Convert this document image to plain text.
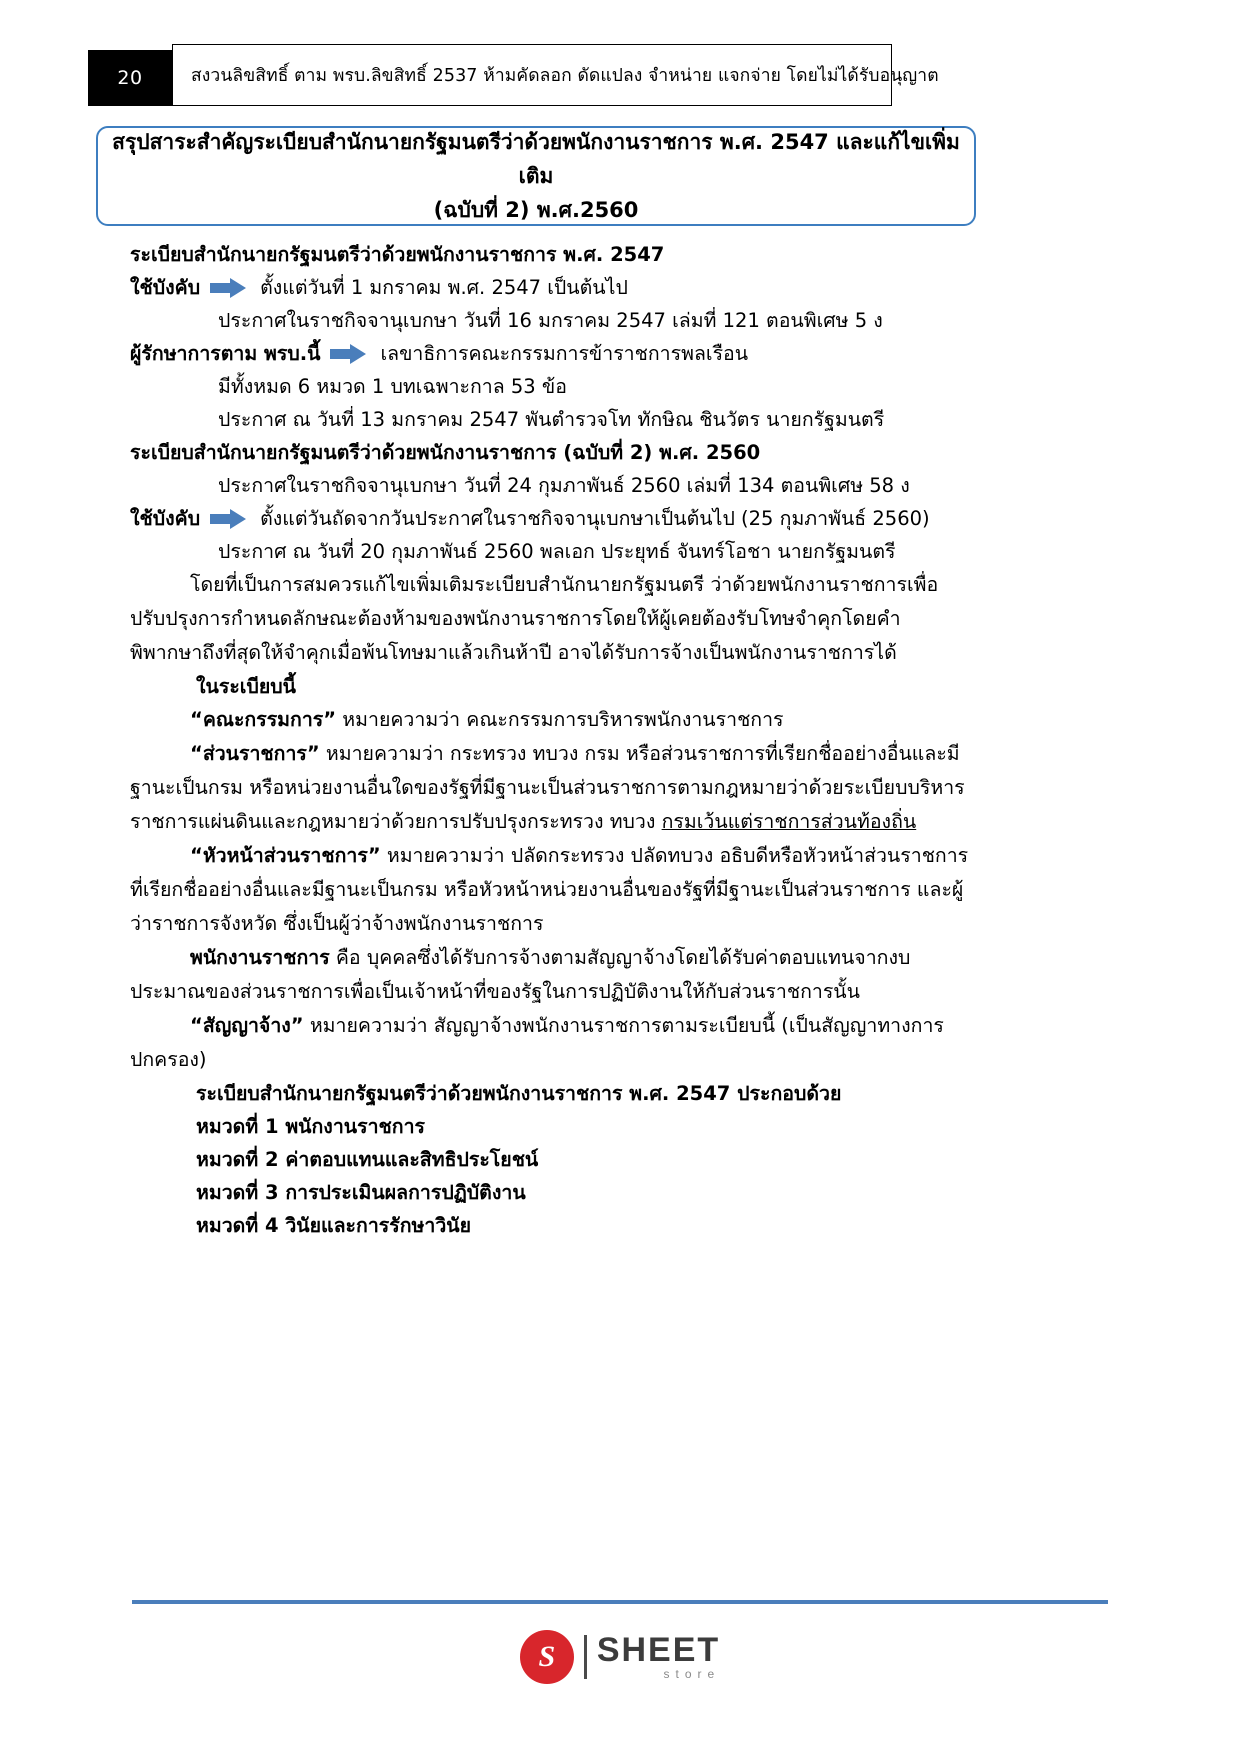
20	สงวนลิขสิทธิ์ ตาม พรบ.ลิขสิทธิ์ 2537 ห้ามคัดลอก ดัดแปลง จำหน่าย แจกจ่าย โดยไม่ได้รับอนุญาต
สรุปสาระสำคัญระเบียบสำนักนายกรัฐมนตรีว่าด้วยพนักงานราชการ พ.ศ. 2547 และแก้ไขเพิ่มเติม
(ฉบับที่ 2) พ.ศ.2560
ระเบียบสำนักนายกรัฐมนตรีว่าด้วยพนักงานราชการ พ.ศ. 2547
ใช้บังคับ	ตั้งแต่วันที่ 1 มกราคม พ.ศ. 2547 เป็นต้นไป
ประกาศในราชกิจจานุเบกษา วันที่ 16 มกราคม 2547 เล่มที่ 121 ตอนพิเศษ 5 ง
ผู้รักษาการตาม พรบ.นี้	เลขาธิการคณะกรรมการข้าราชการพลเรือน
มีทั้งหมด 6 หมวด 1 บทเฉพาะกาล 53 ข้อ
ประกาศ ณ วันที่ 13 มกราคม 2547 พันตำรวจโท ทักษิณ ชินวัตร นายกรัฐมนตรี
ระเบียบสำนักนายกรัฐมนตรีว่าด้วยพนักงานราชการ (ฉบับที่ 2) พ.ศ. 2560
ประกาศในราชกิจจานุเบกษา วันที่ 24 กุมภาพันธ์ 2560 เล่มที่ 134 ตอนพิเศษ 58 ง
ใช้บังคับ	ตั้งแต่วันถัดจากวันประกาศในราชกิจจานุเบกษาเป็นต้นไป (25 กุมภาพันธ์ 2560)
ประกาศ ณ วันที่ 20 กุมภาพันธ์ 2560 พลเอก ประยุทธ์ จันทร์โอชา นายกรัฐมนตรี
โดยที่เป็นการสมควรแก้ไขเพิ่มเติมระเบียบสำนักนายกรัฐมนตรี ว่าด้วยพนักงานราชการเพื่อปรับปรุงการกำหนดลักษณะต้องห้ามของพนักงานราชการโดยให้ผู้เคยต้องรับโทษจำคุกโดยคำพิพากษาถึงที่สุดให้จำคุกเมื่อพ้นโทษมาแล้วเกินห้าปี อาจได้รับการจ้างเป็นพนักงานราชการได้
ในระเบียบนี้
“คณะกรรมการ” หมายความว่า คณะกรรมการบริหารพนักงานราชการ
“ส่วนราชการ” หมายความว่า กระทรวง ทบวง กรม หรือส่วนราชการที่เรียกชื่ออย่างอื่นและมีฐานะเป็นกรม หรือหน่วยงานอื่นใดของรัฐที่มีฐานะเป็นส่วนราชการตามกฎหมายว่าด้วยระเบียบบริหารราชการแผ่นดินและกฎหมายว่าด้วยการปรับปรุงกระทรวง ทบวง กรมเว้นแต่ราชการส่วนท้องถิ่น
“หัวหน้าส่วนราชการ” หมายความว่า ปลัดกระทรวง ปลัดทบวง อธิบดีหรือหัวหน้าส่วนราชการที่เรียกชื่ออย่างอื่นและมีฐานะเป็นกรม หรือหัวหน้าหน่วยงานอื่นของรัฐที่มีฐานะเป็นส่วนราชการ และผู้ว่าราชการจังหวัด ซึ่งเป็นผู้ว่าจ้างพนักงานราชการ
พนักงานราชการ คือ บุคคลซึ่งได้รับการจ้างตามสัญญาจ้างโดยได้รับค่าตอบแทนจากงบประมาณของส่วนราชการเพื่อเป็นเจ้าหน้าที่ของรัฐในการปฏิบัติงานให้กับส่วนราชการนั้น
“สัญญาจ้าง” หมายความว่า สัญญาจ้างพนักงานราชการตามระเบียบนี้ (เป็นสัญญาทางการปกครอง)
ระเบียบสำนักนายกรัฐมนตรีว่าด้วยพนักงานราชการ พ.ศ. 2547 ประกอบด้วย
หมวดที่ 1 พนักงานราชการ
หมวดที่ 2 ค่าตอบแทนและสิทธิประโยชน์
หมวดที่ 3 การประเมินผลการปฏิบัติงาน
หมวดที่ 4 วินัยและการรักษาวินัย
S	SHEET
store
